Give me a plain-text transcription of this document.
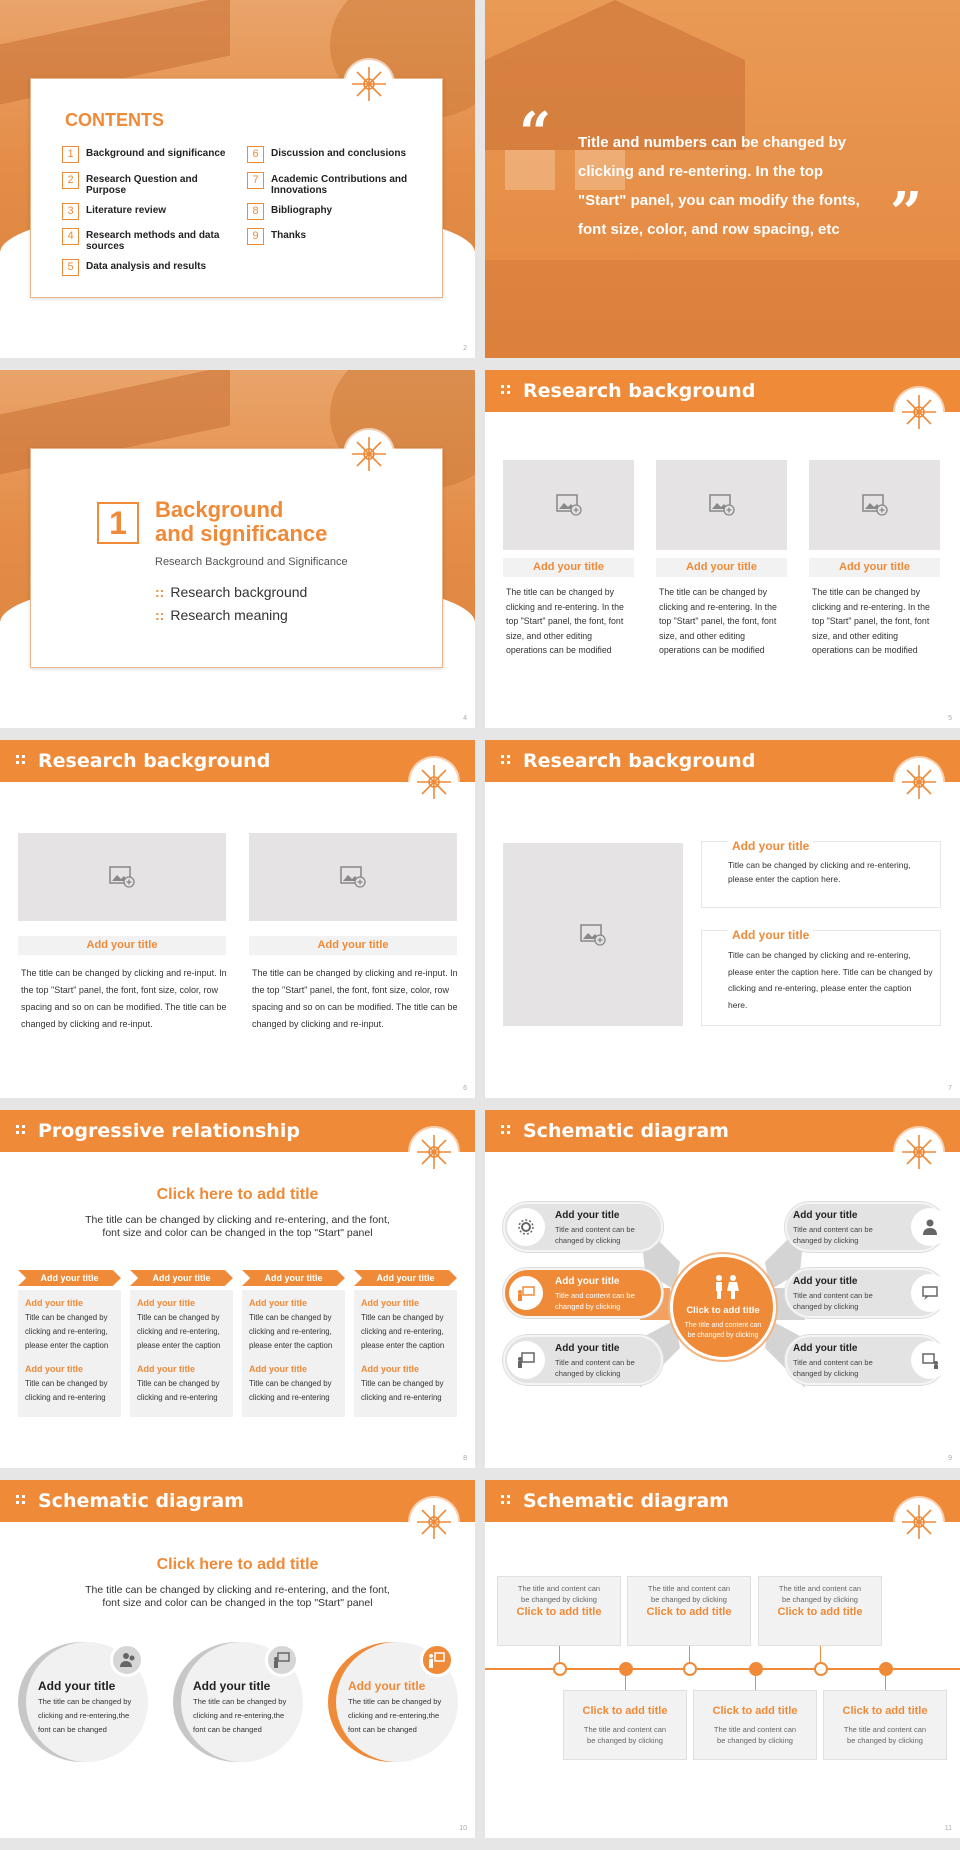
CONTENTS
1	Background and significance
2	Research Question and Purpose
3	Literature review
4	Research methods and data sources
5	Data analysis and results
6	Discussion and conclusions
7	Academic Contributions and Innovations
8	Bibliography
9	Thanks
2
“
”
Title and numbers can be changed by clicking and re-entering. In the top "Start" panel, you can modify the fonts, font size, color, and row spacing, etc
1	Background
and significance
Research Background and Significance
:: Research background
:: Research meaning
4
Research background
Add your title
The title can be changed by clicking and re-entering. In the top "Start" panel, the font, font size, and other editing operations can be modified
Add your title
The title can be changed by clicking and re-entering. In the top "Start" panel, the font, font size, and other editing operations can be modified
Add your title
The title can be changed by clicking and re-entering. In the top "Start" panel, the font, font size, and other editing operations can be modified
5
Research background
Add your title
The title can be changed by clicking and re-input. In the top "Start" panel, the font, font size, color, row spacing and so on can be modified. The title can be changed by clicking and re-input.
Add your title
The title can be changed by clicking and re-input. In the top "Start" panel, the font, font size, color, row spacing and so on can be modified. The title can be changed by clicking and re-input.
6
Research background
Add your title
Title can be changed by clicking and re-entering, please enter the caption here.
Add your title
Title can be changed by clicking and re-entering, please enter the caption here. Title can be changed by clicking and re-entering, please enter the caption here.
7
Progressive relationship
Click here to add title
The title can be changed by clicking and re-entering, and the font, font size and color can be changed in the top "Start" panel
Add your title
Add your title
Title can be changed by clicking and re-entering, please enter the caption
Add your title
Title can be changed by clicking and re-entering
Add your title
Add your title
Title can be changed by clicking and re-entering, please enter the caption
Add your title
Title can be changed by clicking and re-entering
Add your title
Add your title
Title can be changed by clicking and re-entering, please enter the caption
Add your title
Title can be changed by clicking and re-entering
Add your title
Add your title
Title can be changed by clicking and re-entering, please enter the caption
Add your title
Title can be changed by clicking and re-entering
8
Schematic diagram
Add your title
Title and content can be changed by clicking
Add your title
Title and content can be changed by clicking
Add your title
Title and content can be changed by clicking
Add your title
Title and content can be changed by clicking
Add your title
Title and content can be changed by clicking
Add your title
Title and content can be changed by clicking
Click to add title
The title and content can be changed by clicking
9
Schematic diagram
Click here to add title
The title can be changed by clicking and re-entering, and the font, font size and color can be changed in the top "Start" panel
Add your title
The title can be changed by clicking and re-entering,the font can be changed
Add your title
The title can be changed by clicking and re-entering,the font can be changed
Add your title
The title can be changed by clicking and re-entering,the font can be changed
10
Schematic diagram
The title and content can be changed by clicking
Click to add title
The title and content can be changed by clicking
Click to add title
The title and content can be changed by clicking
Click to add title
Click to add title
The title and content can be changed by clicking
Click to add title
The title and content can be changed by clicking
Click to add title
The title and content can be changed by clicking
11
